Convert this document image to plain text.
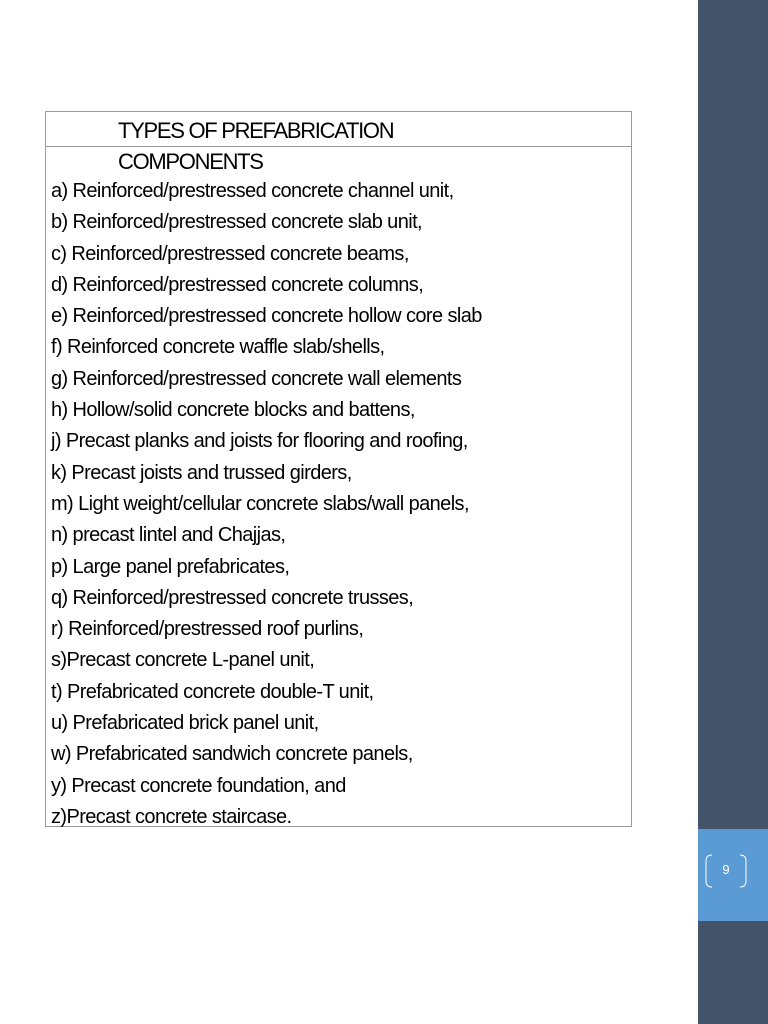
TYPES OF PREFABRICATION COMPONENTS
a) Reinforced/prestressed concrete channel unit,
b) Reinforced/prestressed concrete slab unit,
c) Reinforced/prestressed concrete beams,
d) Reinforced/prestressed concrete columns,
e) Reinforced/prestressed concrete hollow core slab
f) Reinforced concrete waffle slab/shells,
g) Reinforced/prestressed concrete wall elements
h) Hollow/solid concrete blocks and battens,
j) Precast planks and joists for flooring and roofing,
k) Precast joists and trussed girders,
m) Light weight/cellular concrete slabs/wall panels,
n) precast lintel and Chajjas,
p) Large panel prefabricates,
q) Reinforced/prestressed concrete trusses,
r) Reinforced/prestressed roof purlins,
s)Precast concrete L-panel unit,
t) Prefabricated concrete double-T unit,
u) Prefabricated brick panel unit,
w) Prefabricated sandwich concrete panels,
y) Precast concrete foundation, and
z)Precast concrete staircase.
9
